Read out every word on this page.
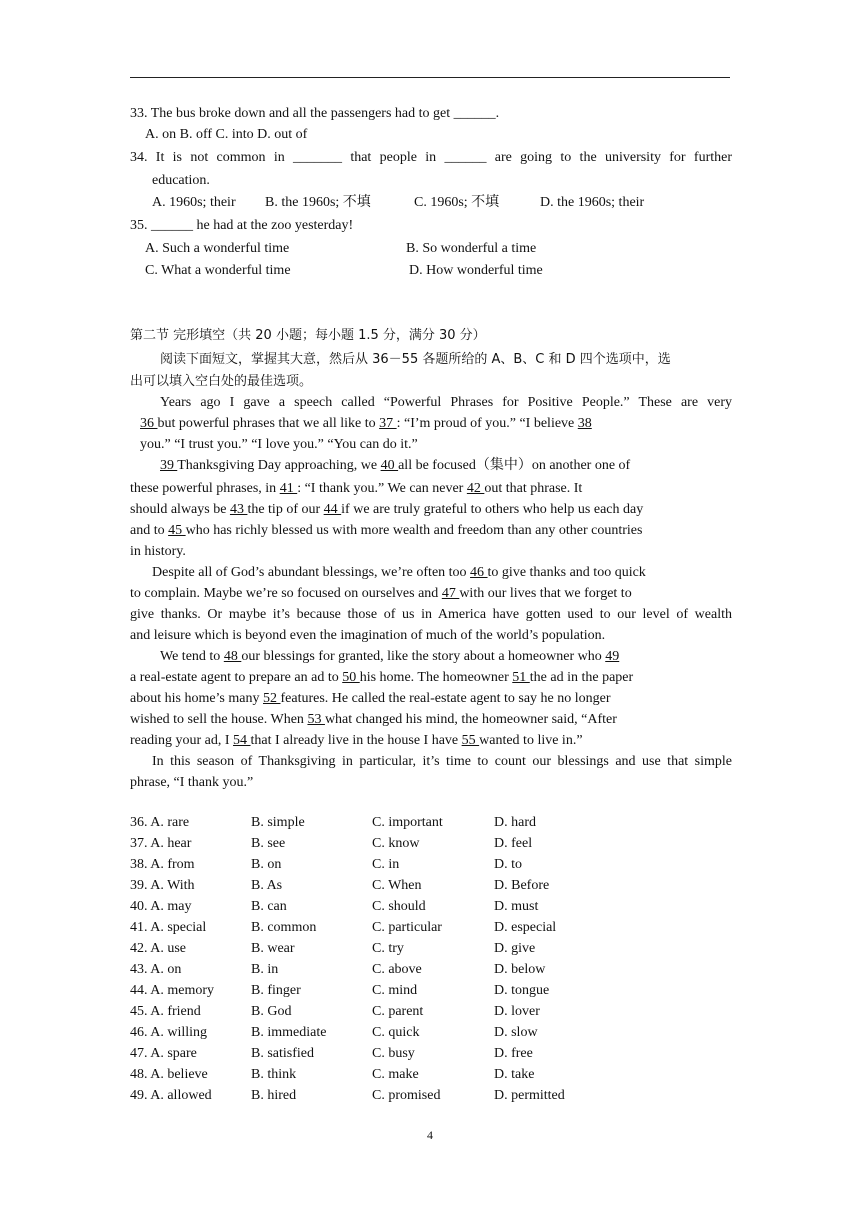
33. The bus broke down and all the passengers had to get ______.
A. on B. off C. into D. out of
34. It is not common in _______ that people in ______ are going to the university for further
education.
A. 1960s; their B. the 1960s; 不填	C. 1960s; 不填	D. the 1960s; their
35. ______ he had at the zoo yesterday!
A. Such a wonderful time	B. So wonderful a time
C. What a wonderful time	D. How wonderful time
第二节 完形填空（共 20 小题；每小题 1.5 分，满分 30 分）
阅读下面短文，掌握其大意，然后从 36－55 各题所给的 A、B、C 和 D 四个选项中，选
出可以填入空白处的最佳选项。
Years ago I gave a speech called “Powerful Phrases for Positive People.” These are very
36 but powerful phrases that we all like to 37 : “I’m proud of you.” “I believe 38
you.” “I trust you.” “I love you.” “You can do it.”
39 Thanksgiving Day approaching, we 40 all be focused（集中）on another one of
these powerful phrases, in 41 : “I thank you.” We can never 42 out that phrase. It
should always be 43 the tip of our 44 if we are truly grateful to others who help us each day
and to 45 who has richly blessed us with more wealth and freedom than any other countries
in history.
Despite all of God’s abundant blessings, we’re often too 46 to give thanks and too quick
to complain. Maybe we’re so focused on ourselves and 47 with our lives that we forget to
give thanks. Or maybe it’s because those of us in America have gotten used to our level of wealth
and leisure which is beyond even the imagination of much of the world’s population.
We tend to 48 our blessings for granted, like the story about a homeowner who 49
a real-estate agent to prepare an ad to 50 his home. The homeowner 51 the ad in the paper
about his home’s many 52 features. He called the real-estate agent to say he no longer
wished to sell the house. When 53 what changed his mind, the homeowner said, “After
reading your ad, I 54 that I already live in the house I have 55 wanted to live in.”
In this season of Thanksgiving in particular, it’s time to count our blessings and use that simple
phrase, “I thank you.”
36. A. rare	B. simple	C. important	D. hard
37. A. hear	B. see	C. know	D. feel
38. A. from	B. on	C. in	D. to
39. A. With	B. As	C. When	D. Before
40. A. may	B. can	C. should	D. must
41. A. special	B. common	C. particular	D. especial
42. A. use	B. wear	C. try	D. give
43. A. on	B. in	C. above	D. below
44. A. memory	B. finger	C. mind	D. tongue
45. A. friend	B. God	C. parent	D. lover
46. A. willing	B. immediate	C. quick	D. slow
47. A. spare	B. satisfied	C. busy	D. free
48. A. believe	B. think	C. make	D. take
49. A. allowed	B. hired	C. promised	D. permitted
4
